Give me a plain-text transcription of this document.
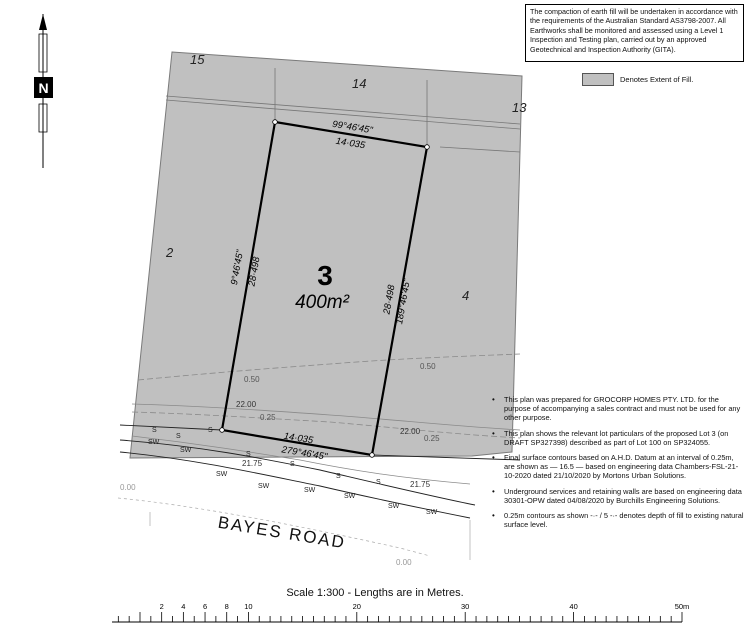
15
14
13
2
4
3
400m²
99°46'45"
14·035
9°46'45" 28·498
28·498
189°46'45"
14·035
279°46'45"
0.50
0.50
0.25
0.25
22.00
22.00
21.75
21.75
0.00
0.00
SW
SW
SW
SW
SW
SW
SW
SW
S
S
S
S
S
S
S
BAYES ROAD
N
2 4 6 8 10	20	30	40	50m
The compaction of earth fill will be undertaken in accordance with the requirements of the Australian Standard AS3798-2007. All Earthworks shall be monitored and assessed using a Level 1 Inspection and Testing plan, carried out by an approved Geotechnical and Inspection Authority (GITA).
Denotes Extent of Fill.
• This plan was prepared for GROCORP HOMES PTY. LTD. for the purpose of accompanying a sales contract and must not be used for any other purpose.
• This plan shows the relevant lot particulars of the proposed Lot 3 (on DRAFT SP327398) described as part of Lot 100 on SP324055.
• Final surface contours based on A.H.D. Datum at an interval of 0.25m, are shown as — 16.5 — based on engineering data Chambers-FSL-21-10-2020 dated 21/10/2020 by Mortons Urban Solutions.
• Underground services and retaining walls are based on engineering data 30301-OPW dated 04/08/2020 by Burchills Engineering Solutions.
• 0.25m contours as shown -·- / 5 -·- denotes depth of fill to existing natural surface level.
Scale 1:300 - Lengths are in Metres.
